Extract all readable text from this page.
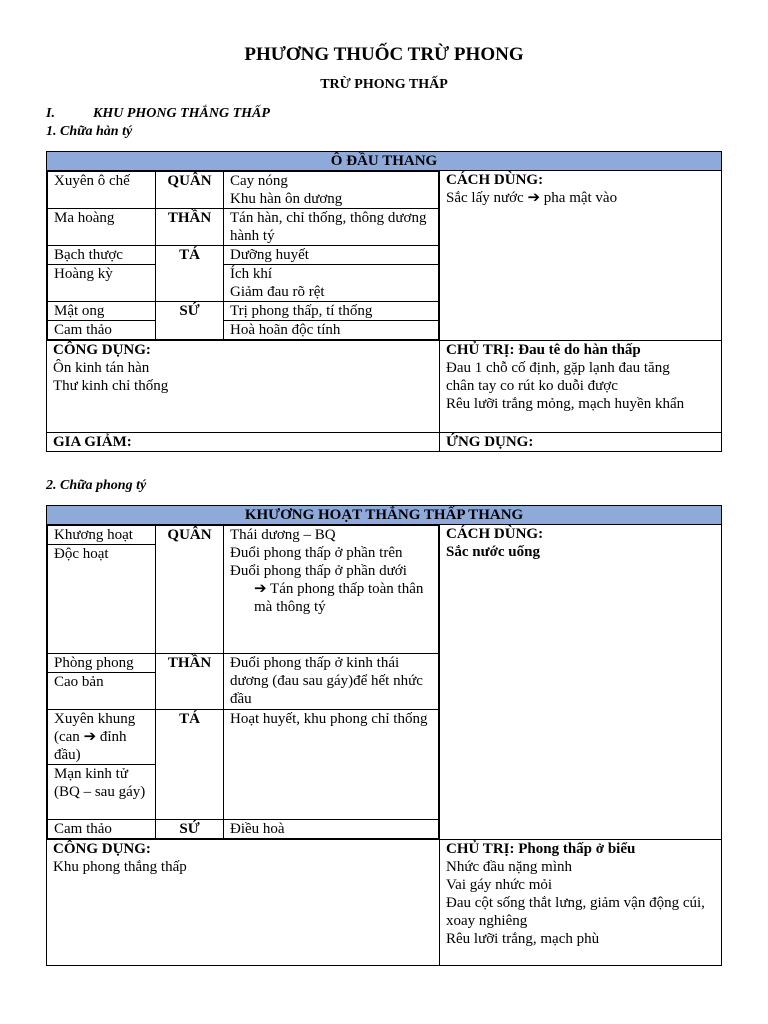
PHƯƠNG THUỐC TRỪ PHONG
TRỪ PHONG THẤP
I.	KHU PHONG THẮNG THẤP
1. Chữa hàn tý
Ô ĐẦU THANG

Xuyên ô chế	QUÂN	Cay nóng
Khu hàn ôn dương

Ma hoàng	THẦN	Tán hàn, chỉ thống, thông dương hành tý
Bạch thược	TÁ	Dưỡng huyết
Hoàng kỳ	Ích khí
Giảm đau rõ rệt

Mật ong	SỨ	Trị phong thấp, tí thống
Cam thảo	Hoà hoãn độc tính

CÁCH DÙNG:
Sắc lấy nước ➔ pha mật vào

CÔNG DỤNG:
Ôn kinh tán hàn
Thư kinh chỉ thống

CHỦ TRỊ: Đau tê do hàn thấp
Đau 1 chỗ cố định, gặp lạnh đau tăng
chân tay co rút ko duỗi được
Rêu lưỡi trắng mỏng, mạch huyền khẩn

GIA GIẢM:	ỨNG DỤNG:
2. Chữa phong tý
KHƯƠNG HOẠT THẮNG THẤP THANG

Khương hoạt	QUÂN	Thái dương – BQ
Đuổi phong thấp ở phần trên
Đuổi phong thấp ở phần dưới
➔ Tán phong thấp toàn thân mà thông tý

Độc hoạt
Phòng phong	THẦN	Đuổi phong thấp ở kinh thái dương (đau sau gáy)để hết nhức đầu
Cao bản
Xuyên khung (can ➔ đỉnh đầu)	TÁ	Hoạt huyết, khu phong chỉ thống
Mạn kinh tử (BQ – sau gáy)
Cam thảo	SỨ	Điều hoà

CÁCH DÙNG:
Sắc nước uống

CÔNG DỤNG:
Khu phong thắng thấp

CHỦ TRỊ: Phong thấp ở biểu
Nhức đầu nặng mình
Vai gáy nhức mỏi
Đau cột sống thắt lưng, giảm vận động cúi, xoay nghiêng
Rêu lưỡi trắng, mạch phù
